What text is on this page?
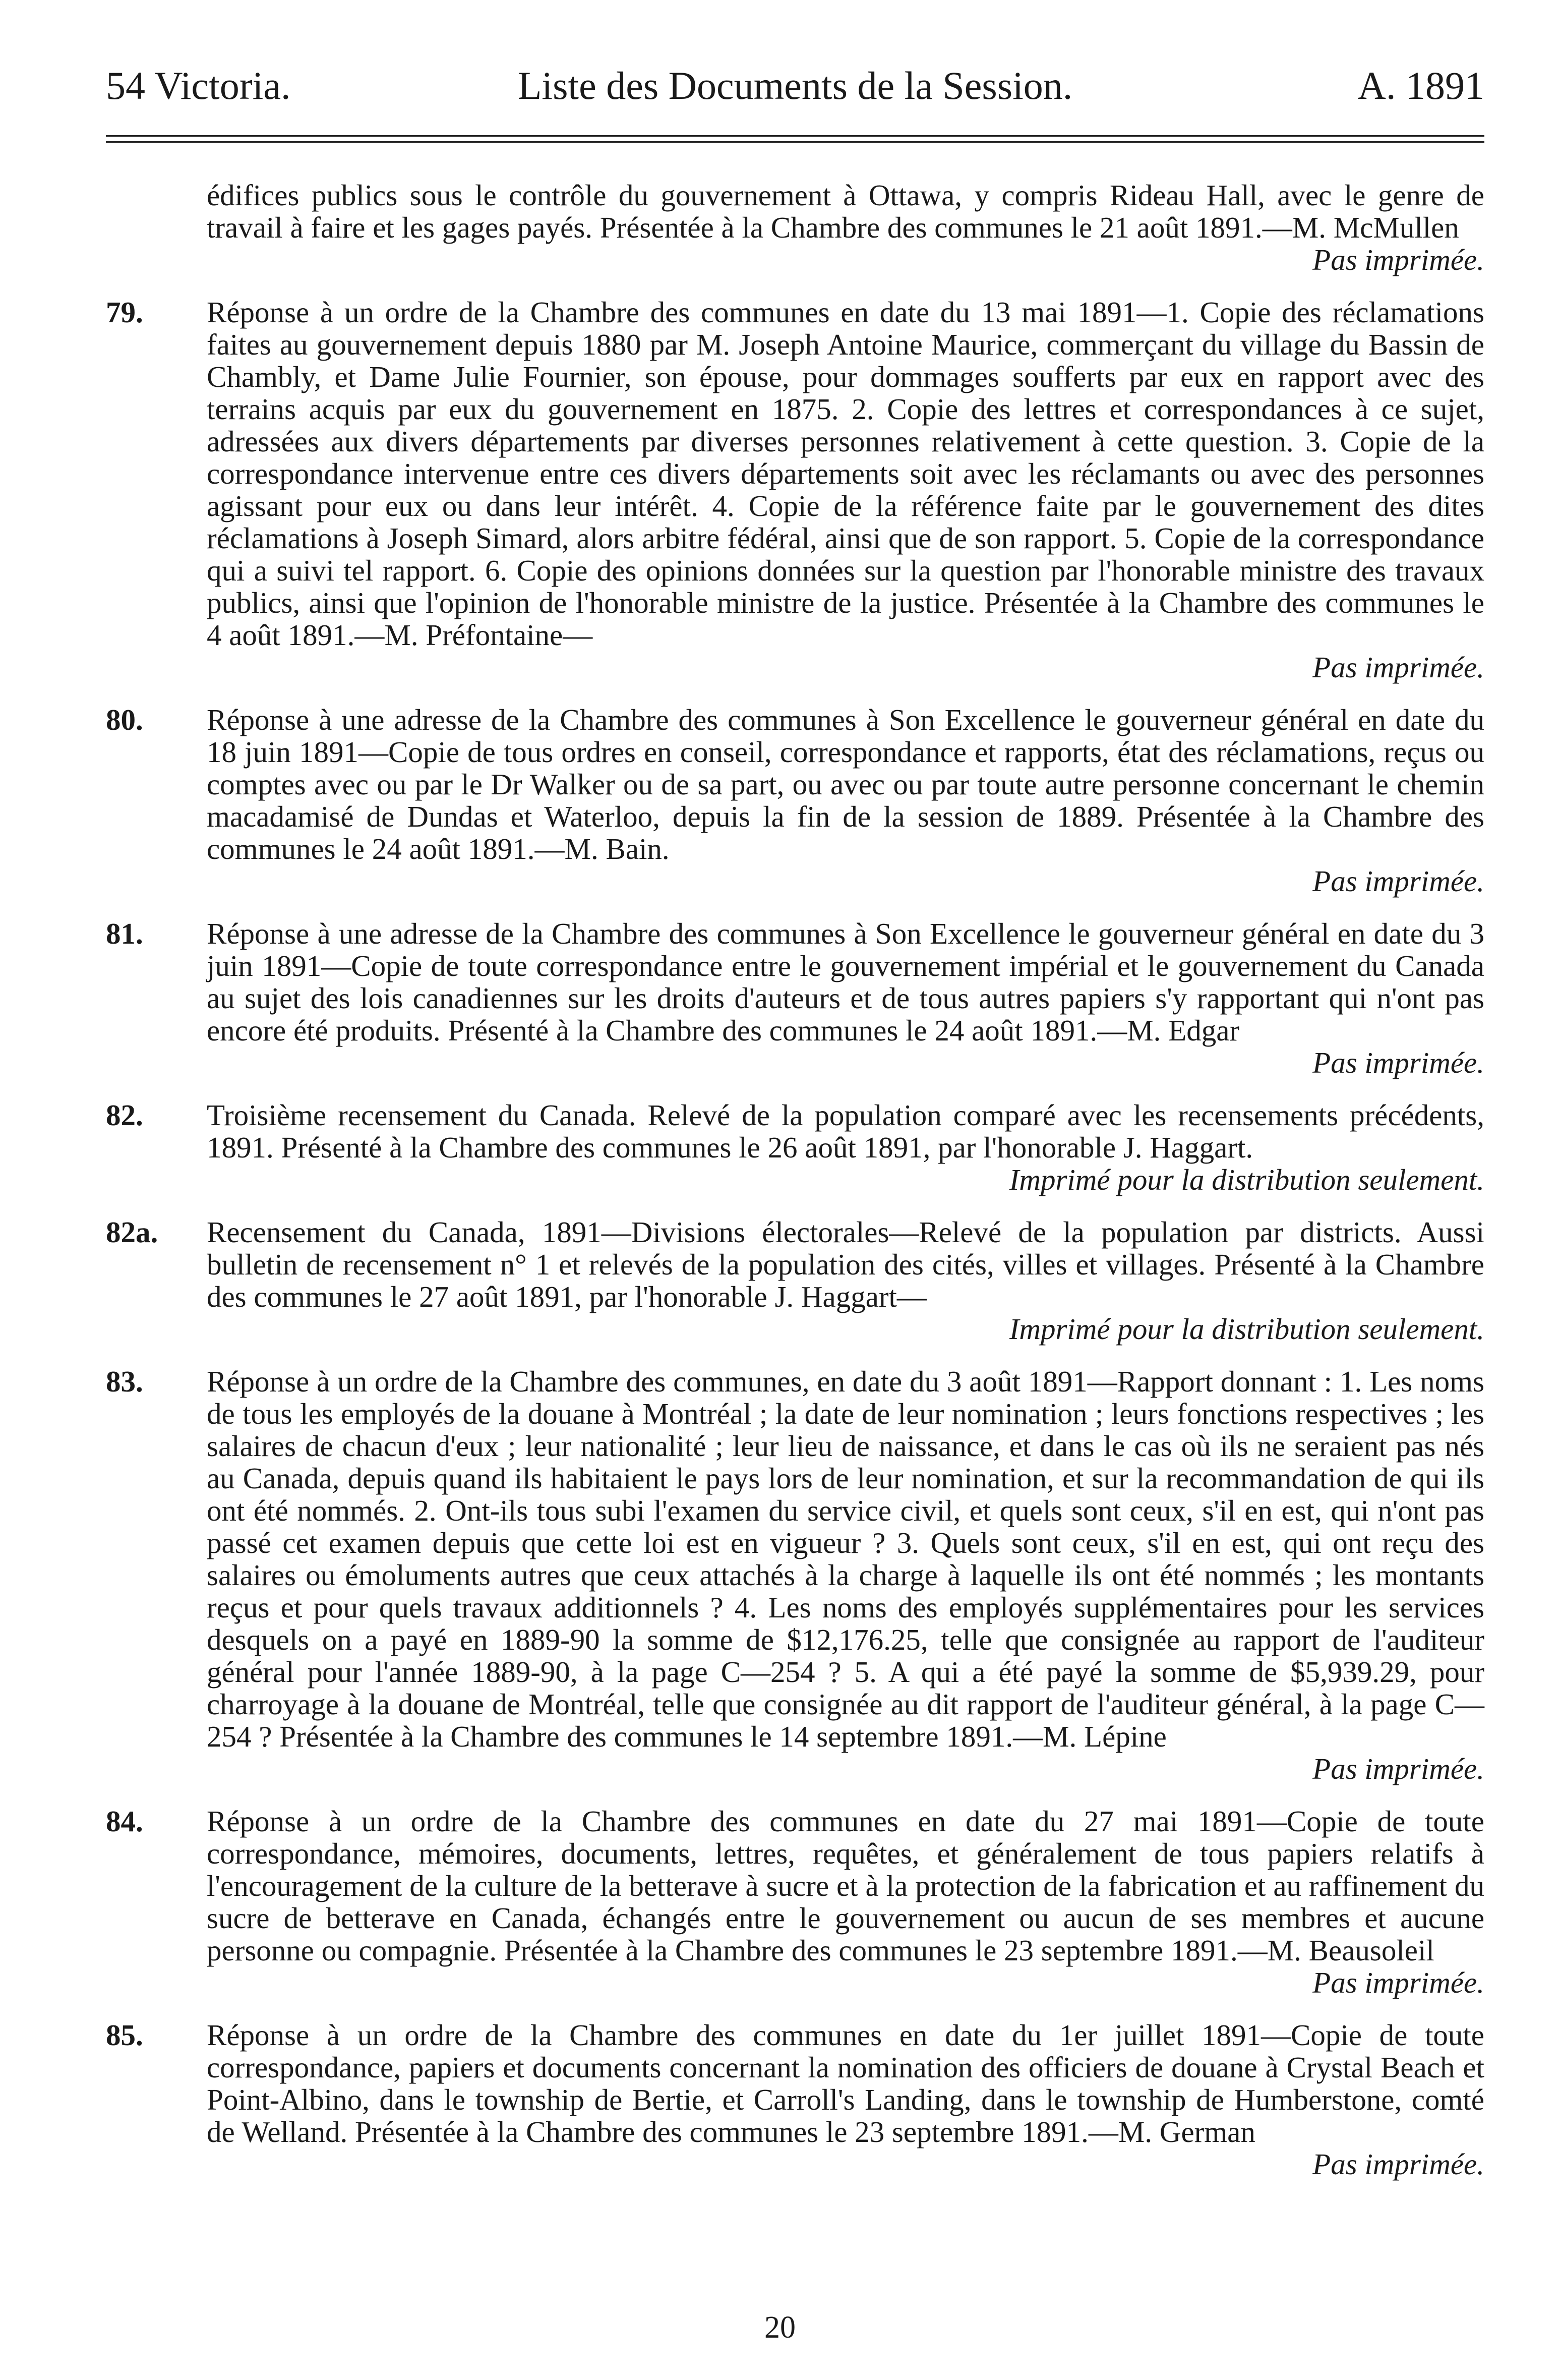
54 Victoria.	Liste des Documents de la Session.	A. 1891
édifices publics sous le contrôle du gouvernement à Ottawa, y compris Rideau Hall, avec le genre de travail à faire et les gages payés. Présentée à la Chambre des communes le 21 août 1891.—M. McMullen
Pas imprimée.
79. Réponse à un ordre de la Chambre des communes en date du 13 mai 1891—1. Copie des réclamations faites au gouvernement depuis 1880 par M. Joseph Antoine Maurice, commerçant du village du Bassin de Chambly, et Dame Julie Fournier, son épouse, pour dommages soufferts par eux en rapport avec des terrains acquis par eux du gouvernement en 1875. 2. Copie des lettres et correspondances à ce sujet, adressées aux divers départements par diverses personnes relativement à cette question. 3. Copie de la correspondance intervenue entre ces divers départements soit avec les réclamants ou avec des personnes agissant pour eux ou dans leur intérêt. 4. Copie de la référence faite par le gouvernement des dites réclamations à Joseph Simard, alors arbitre fédéral, ainsi que de son rapport. 5. Copie de la correspondance qui a suivi tel rapport. 6. Copie des opinions données sur la question par l'honorable ministre des travaux publics, ainsi que l'opinion de l'honorable ministre de la justice. Présentée à la Chambre des communes le 4 août 1891.—M. Préfontaine—
Pas imprimée.
80. Réponse à une adresse de la Chambre des communes à Son Excellence le gouverneur général en date du 18 juin 1891—Copie de tous ordres en conseil, correspondance et rapports, état des réclamations, reçus ou comptes avec ou par le Dr Walker ou de sa part, ou avec ou par toute autre personne concernant le chemin macadamisé de Dundas et Waterloo, depuis la fin de la session de 1889. Présentée à la Chambre des communes le 24 août 1891.—M. Bain.
Pas imprimée.
81. Réponse à une adresse de la Chambre des communes à Son Excellence le gouverneur général en date du 3 juin 1891—Copie de toute correspondance entre le gouvernement impérial et le gouvernement du Canada au sujet des lois canadiennes sur les droits d'auteurs et de tous autres papiers s'y rapportant qui n'ont pas encore été produits. Présenté à la Chambre des communes le 24 août 1891.—M. Edgar
Pas imprimée.
82. Troisième recensement du Canada. Relevé de la population comparé avec les recensements précédents, 1891. Présenté à la Chambre des communes le 26 août 1891, par l'honorable J. Haggart.
Imprimé pour la distribution seulement.
82a. Recensement du Canada, 1891—Divisions électorales—Relevé de la population par districts. Aussi bulletin de recensement n° 1 et relevés de la population des cités, villes et villages. Présenté à la Chambre des communes le 27 août 1891, par l'honorable J. Haggart—
Imprimé pour la distribution seulement.
83. Réponse à un ordre de la Chambre des communes, en date du 3 août 1891—Rapport donnant : 1. Les noms de tous les employés de la douane à Montréal ; la date de leur nomination ; leurs fonctions respectives ; les salaires de chacun d'eux ; leur nationalité ; leur lieu de naissance, et dans le cas où ils ne seraient pas nés au Canada, depuis quand ils habitaient le pays lors de leur nomination, et sur la recommandation de qui ils ont été nommés. 2. Ont-ils tous subi l'examen du service civil, et quels sont ceux, s'il en est, qui n'ont pas passé cet examen depuis que cette loi est en vigueur ? 3. Quels sont ceux, s'il en est, qui ont reçu des salaires ou émoluments autres que ceux attachés à la charge à laquelle ils ont été nommés ; les montants reçus et pour quels travaux additionnels ? 4. Les noms des employés supplémentaires pour les services desquels on a payé en 1889-90 la somme de $12,176.25, telle que consignée au rapport de l'auditeur général pour l'année 1889-90, à la page C—254 ? 5. A qui a été payé la somme de $5,939.29, pour charroyage à la douane de Montréal, telle que consignée au dit rapport de l'auditeur général, à la page C—254 ? Présentée à la Chambre des communes le 14 septembre 1891.—M. Lépine
Pas imprimée.
84. Réponse à un ordre de la Chambre des communes en date du 27 mai 1891—Copie de toute correspondance, mémoires, documents, lettres, requêtes, et généralement de tous papiers relatifs à l'encouragement de la culture de la betterave à sucre et à la protection de la fabrication et au raffinement du sucre de betterave en Canada, échangés entre le gouvernement ou aucun de ses membres et aucune personne ou compagnie. Présentée à la Chambre des communes le 23 septembre 1891.—M. Beausoleil
Pas imprimée.
85. Réponse à un ordre de la Chambre des communes en date du 1er juillet 1891—Copie de toute correspondance, papiers et documents concernant la nomination des officiers de douane à Crystal Beach et Point-Albino, dans le township de Bertie, et Carroll's Landing, dans le township de Humberstone, comté de Welland. Présentée à la Chambre des communes le 23 septembre 1891.—M. German
Pas imprimée.
20
